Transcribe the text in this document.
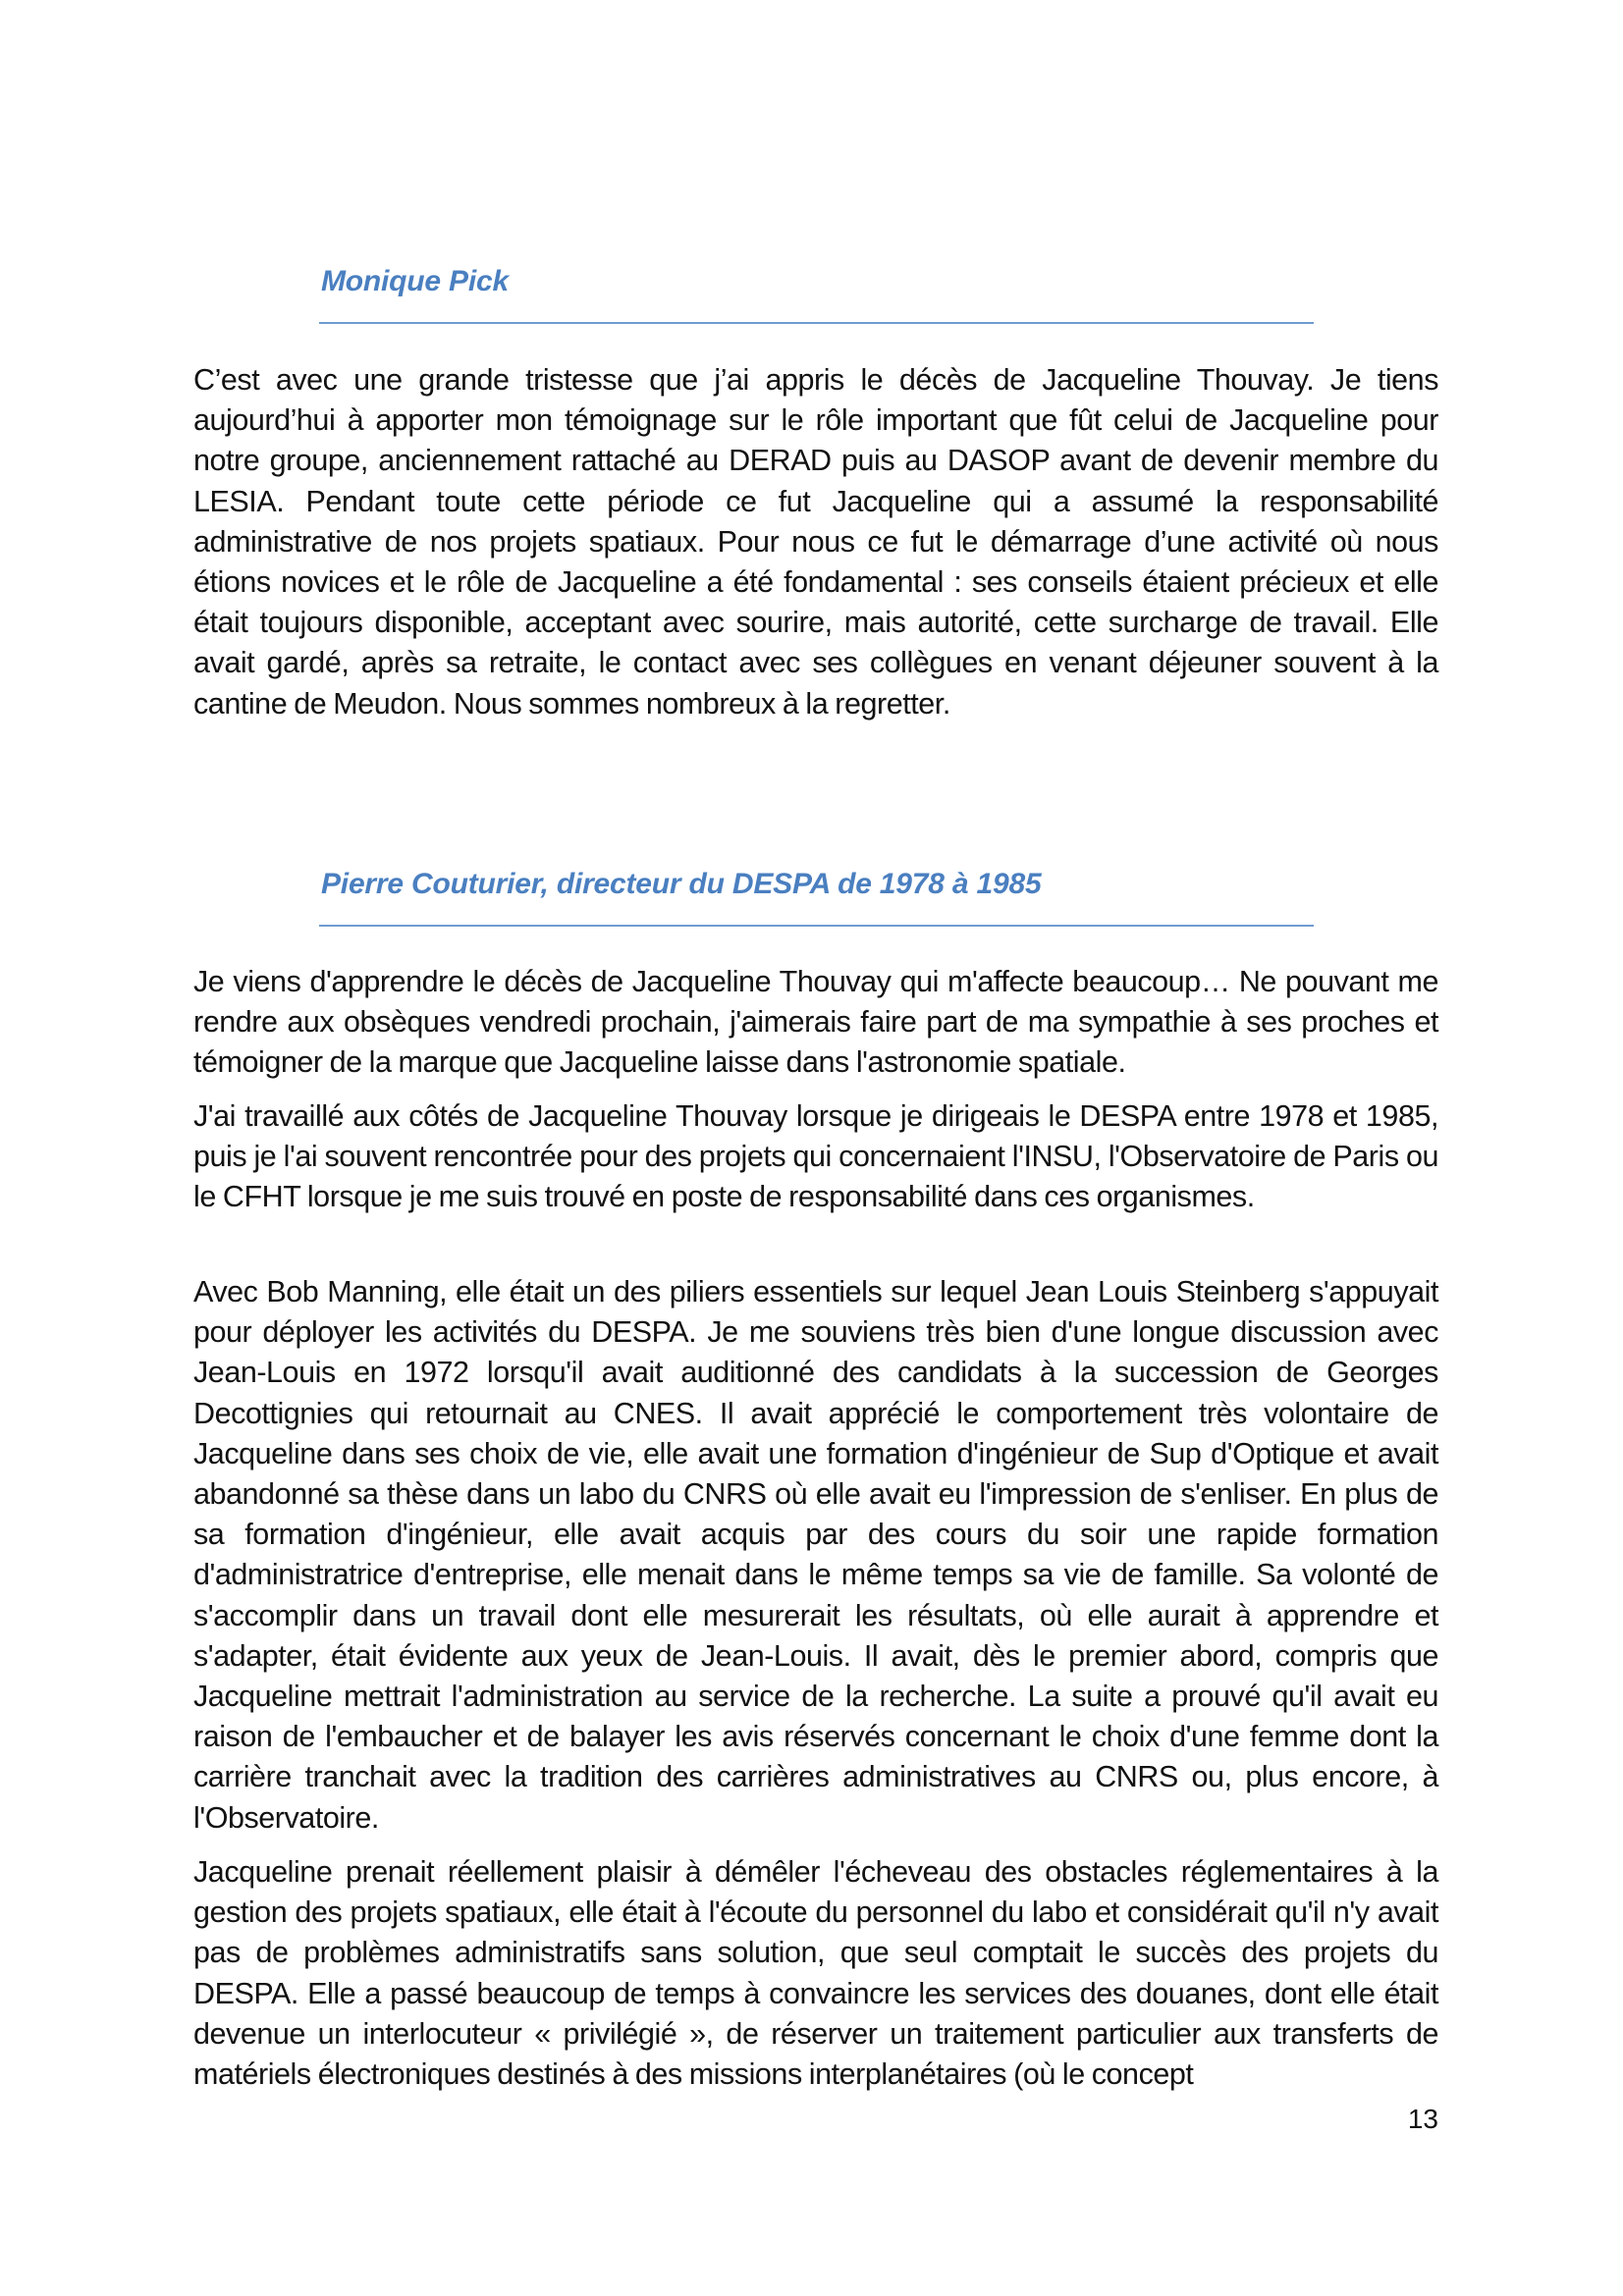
Monique Pick

C’est avec une grande tristesse que j’ai appris le décès de Jacqueline Thouvay. Je tiens aujourd’hui à apporter mon témoignage sur le rôle important que fût celui de Jacqueline pour notre groupe, anciennement rattaché au DERAD puis au DASOP avant de devenir membre du LESIA. Pendant toute cette période ce fut Jacqueline qui a assumé la responsabilité administrative de nos projets spatiaux. Pour nous ce fut le démarrage d’une activité où nous étions novices et le rôle de Jacqueline a été fondamental : ses conseils étaient précieux et elle était toujours disponible, acceptant avec sourire, mais autorité, cette surcharge de travail. Elle avait gardé, après sa retraite, le contact avec ses collègues en venant déjeuner souvent à la cantine de Meudon. Nous sommes nombreux à la regretter.

Pierre Couturier, directeur du DESPA de 1978 à 1985

Je viens d'apprendre le décès de Jacqueline Thouvay qui m'affecte beaucoup… Ne pouvant me rendre aux obsèques vendredi prochain, j'aimerais faire part de ma sympathie à ses proches et témoigner de la marque que Jacqueline laisse dans l'astronomie spatiale.

J'ai travaillé aux côtés de Jacqueline Thouvay lorsque je dirigeais le DESPA entre 1978 et 1985, puis je l'ai souvent rencontrée pour des projets qui concernaient l'INSU, l'Observatoire de Paris ou le CFHT lorsque je me suis trouvé en poste de responsabilité dans ces organismes.

Avec Bob Manning, elle était un des piliers essentiels sur lequel Jean Louis Steinberg s'appuyait pour déployer les activités du DESPA. Je me souviens très bien d'une longue discussion avec Jean-Louis en 1972 lorsqu'il avait auditionné des candidats à la succession de Georges Decottignies qui retournait au CNES. Il avait apprécié le comportement très volontaire de Jacqueline dans ses choix de vie, elle avait une formation d'ingénieur de Sup d'Optique et avait abandonné sa thèse dans un labo du CNRS où elle avait eu l'impression de s'enliser. En plus de sa formation d'ingénieur, elle avait acquis par des cours du soir une rapide formation d'administratrice d'entreprise, elle menait dans le même temps sa vie de famille. Sa volonté de s'accomplir dans un travail dont elle mesurerait les résultats, où elle aurait à apprendre et s'adapter, était évidente aux yeux de Jean-Louis. Il avait, dès le premier abord, compris que Jacqueline mettrait l'administration au service de la recherche. La suite a prouvé qu'il avait eu raison de l'embaucher et de balayer les avis réservés concernant le choix d'une femme dont la carrière tranchait avec la tradition des carrières administratives au CNRS ou, plus encore, à l'Observatoire.

Jacqueline prenait réellement plaisir à démêler l'écheveau des obstacles réglementaires à la gestion des projets spatiaux, elle était à l'écoute du personnel du labo et considérait qu'il n'y avait pas de problèmes administratifs sans solution, que seul comptait le succès des projets du DESPA. Elle a passé beaucoup de temps à convaincre les services des douanes, dont elle était devenue un interlocuteur « privilégié », de réserver un traitement particulier aux transferts de matériels électroniques destinés à des missions interplanétaires (où le concept

13
